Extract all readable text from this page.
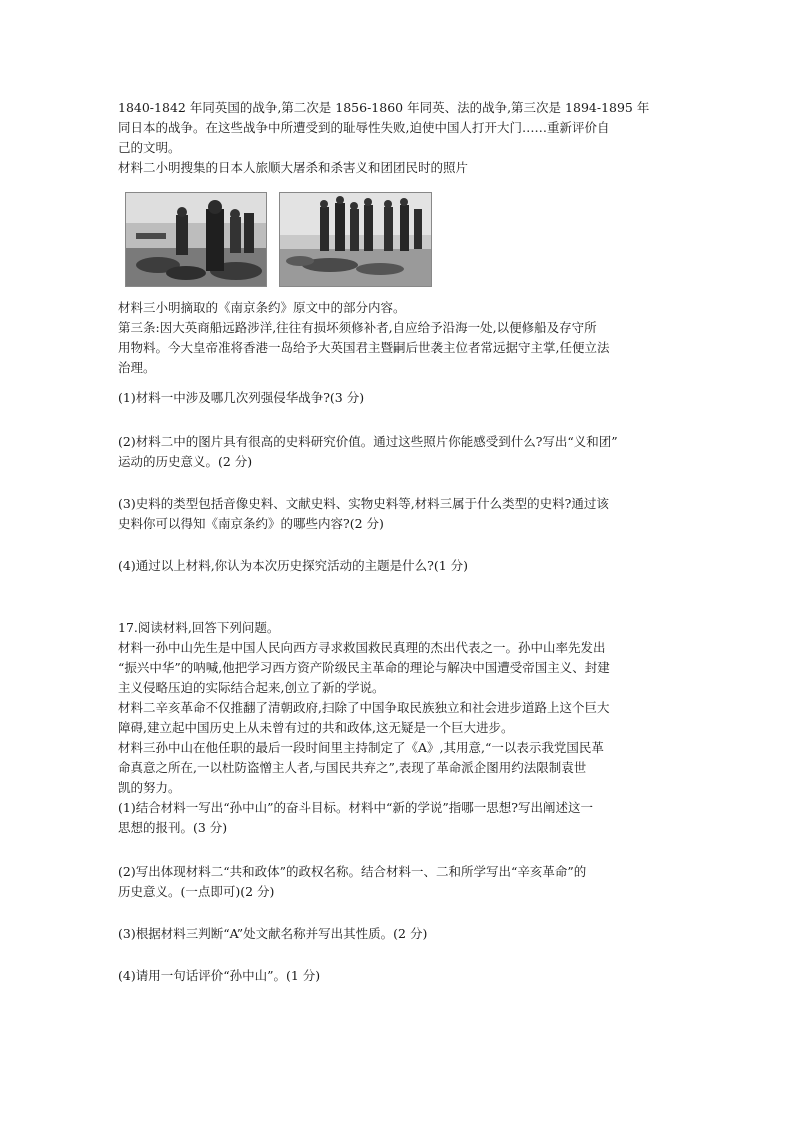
1840-1842 年同英国的战争,第二次是 1856-1860 年同英、法的战争,第三次是 1894-1895 年
同日本的战争。在这些战争中所遭受到的耻辱性失败,迫使中国人打开大门……重新评价自
己的文明。
材料二小明搜集的日本人旅顺大屠杀和杀害义和团团民时的照片
材料三小明摘取的《南京条约》原文中的部分内容。
第三条:因大英商船远路涉洋,往往有损坏须修补者,自应给予沿海一处,以便修船及存守所
用物料。今大皇帝准将香港一岛给予大英国君主暨嗣后世袭主位者常远据守主掌,任便立法
治理。
(1)材料一中涉及哪几次列强侵华战争?(3 分)
(2)材料二中的图片具有很高的史料研究价值。通过这些照片你能感受到什么?写出“义和团”
运动的历史意义。(2 分)
(3)史料的类型包括音像史料、文献史料、实物史料等,材料三属于什么类型的史料?通过该
史料你可以得知《南京条约》的哪些内容?(2 分)
(4)通过以上材料,你认为本次历史探究活动的主题是什么?(1 分)
17.阅读材料,回答下列问题。
材料一孙中山先生是中国人民向西方寻求救国救民真理的杰出代表之一。孙中山率先发出
“振兴中华”的呐喊,他把学习西方资产阶级民主革命的理论与解决中国遭受帝国主义、封建
主义侵略压迫的实际结合起来,创立了新的学说。
材料二辛亥革命不仅推翻了清朝政府,扫除了中国争取民族独立和社会进步道路上这个巨大
障碍,建立起中国历史上从未曾有过的共和政体,这无疑是一个巨大进步。
材料三孙中山在他任职的最后一段时间里主持制定了《A》,其用意,“一以表示我党国民革
命真意之所在,一以杜防盗憎主人者,与国民共弃之”,表现了革命派企图用约法限制袁世
凯的努力。
(1)结合材料一写出“孙中山”的奋斗目标。材料中“新的学说”指哪一思想?写出阐述这一
思想的报刊。(3 分)
(2)写出体现材料二“共和政体”的政权名称。结合材料一、二和所学写出“辛亥革命”的
历史意义。(一点即可)(2 分)
(3)根据材料三判断“A”处文献名称并写出其性质。(2 分)
(4)请用一句话评价“孙中山”。(1 分)
